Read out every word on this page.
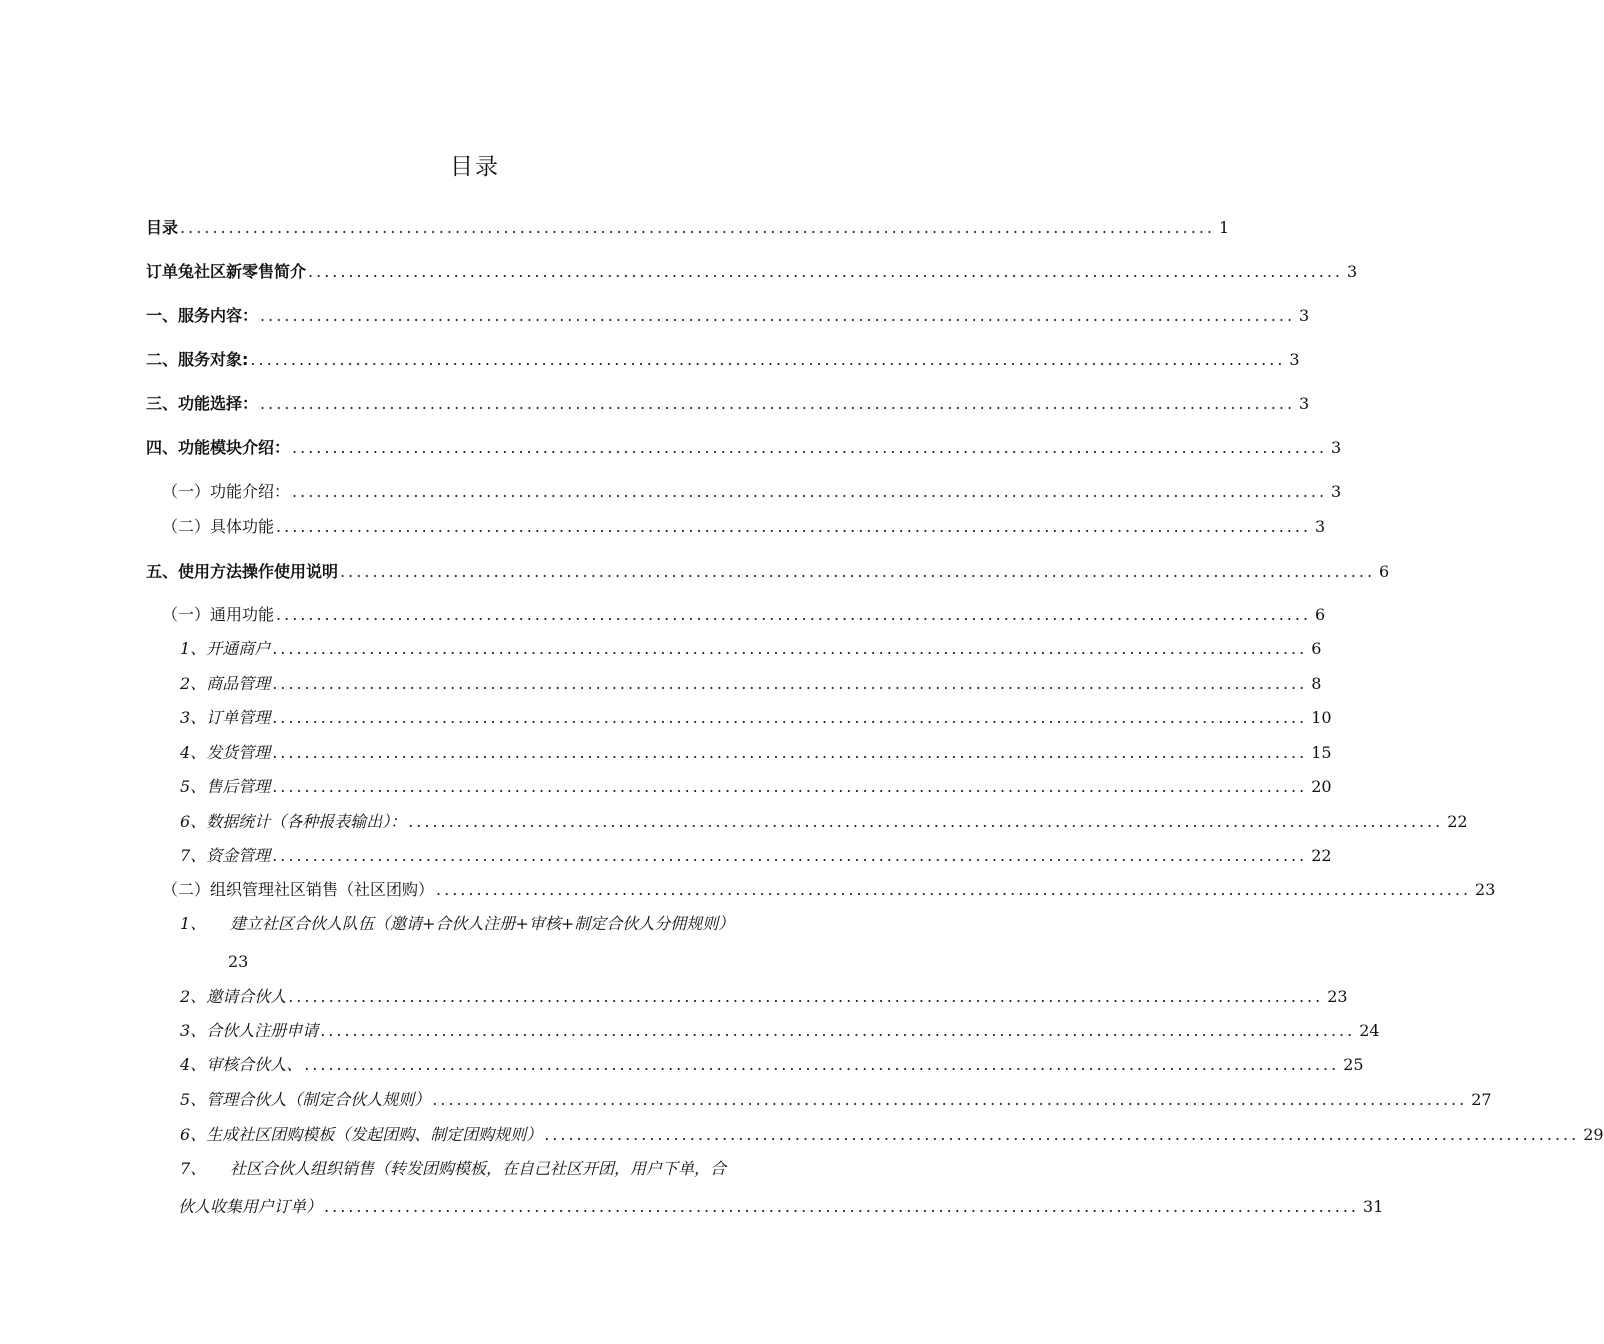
目录
目录 ................................................................................................................................ 1
订单兔社区新零售简介 ................................................................................................................................ 3
一、 服务内容： ................................................................................................................................ 3
二、 服务对象: ................................................................................................................................ 3
三、 功能选择： ................................................................................................................................ 3
四、 功能模块介绍： ................................................................................................................................ 3
（一） 功能介绍： ................................................................................................................................ 3
（二） 具体功能 ................................................................................................................................ 3
五、 使用方法操作使用说明 ................................................................................................................................ 6
（一） 通用功能 ................................................................................................................................ 6
1、 开通商户 ................................................................................................................................ 6
2、 商品管理 ................................................................................................................................ 8
3、 订单管理 ................................................................................................................................ 10
4、 发货管理 ................................................................................................................................ 15
5、 售后管理 ................................................................................................................................ 20
6、 数据统计（各种报表输出）： ................................................................................................................................ 22
7、 资金管理 ................................................................................................................................ 22
（二） 组织管理社区销售（社区团购） ................................................................................................................................ 23
1、 建立社区合伙人队伍（邀请+合伙人注册+审核+制定合伙人分佣规则）
23
2、 邀请合伙人 ................................................................................................................................ 23
3、 合伙人注册申请 ................................................................................................................................ 24
4、 审核合伙人、 ................................................................................................................................ 25
5、 管理合伙人（制定合伙人规则） ................................................................................................................................ 27
6、 生成社区团购模板（发起团购、制定团购规则） ................................................................................................................................ 29
7、 社区合伙人组织销售（转发团购模板，在自己社区开团，用户下单，合
伙人收集用户订单） ................................................................................................................................ 31
